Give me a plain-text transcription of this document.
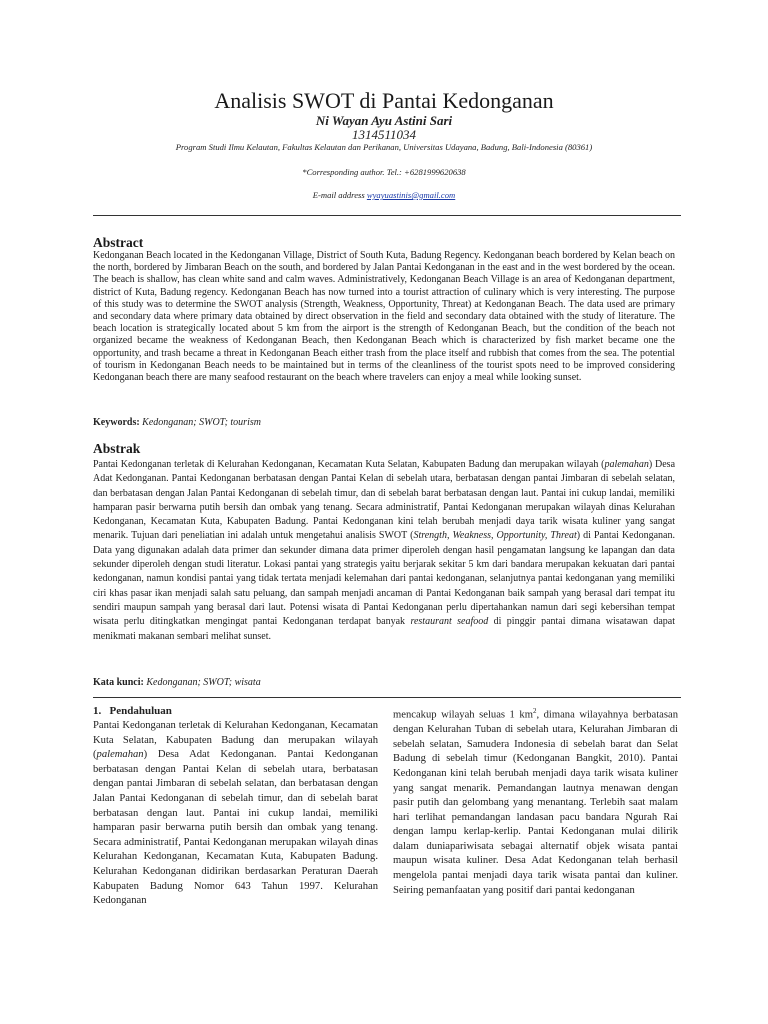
Analisis SWOT di Pantai Kedonganan
Ni Wayan Ayu Astini Sari
1314511034
Program Studi Ilmu Kelautan, Fakultas Kelautan dan Perikanan, Universitas Udayana, Badung, Bali-Indonesia (80361)
*Corresponding author. Tel.: +6281999620638
E-mail address wyayuastinis@gmail.com
Abstract

Kedonganan Beach located in the Kedonganan Village, District of South Kuta, Badung Regency. Kedonganan beach bordered by Kelan beach on the north, bordered by Jimbaran Beach on the south, and bordered by Jalan Pantai Kedonganan in the east and in the west bordered by the ocean. The beach is shallow, has clean white sand and calm waves. Administratively, Kedonganan Beach Village is an area of Kedonganan department, district of Kuta, Badung regency. Kedonganan Beach has now turned into a tourist attraction of culinary which is very interesting. The purpose of this study was to determine the SWOT analysis (Strength, Weakness, Opportunity, Threat) at Kedonganan Beach. The data used are primary and secondary data where primary data obtained by direct observation in the field and secondary data obtained with the study of literature. The beach location is strategically located about 5 km from the airport is the strength of Kedonganan Beach, but the condition of the beach not organized became the weakness of Kedonganan Beach, then Kedonganan Beach which is characterized by fish market became one the opportunity, and trash became a threat in Kedonganan Beach either trash from the place itself and rubbish that comes from the sea. The potential of tourism in Kedonganan Beach needs to be maintained but in terms of the cleanliness of the tourist spots need to be improved considering Kedonganan beach there are many seafood restaurant on the beach where travelers can enjoy a meal while looking sunset.

Keywords: Kedonganan; SWOT; tourism
Abstrak

Pantai Kedonganan terletak di Kelurahan Kedonganan, Kecamatan Kuta Selatan, Kabupaten Badung dan merupakan wilayah (palemahan) Desa Adat Kedonganan. Pantai Kedonganan berbatasan dengan Pantai Kelan di sebelah utara, berbatasan dengan pantai Jimbaran di sebelah selatan, dan berbatasan dengan Jalan Pantai Kedonganan di sebelah timur, dan di sebelah barat berbatasan dengan laut. Pantai ini cukup landai, memiliki hamparan pasir berwarna putih bersih dan ombak yang tenang. Secara administratif, Pantai Kedonganan merupakan wilayah dinas Kelurahan Kedonganan, Kecamatan Kuta, Kabupaten Badung. Pantai Kedonganan kini telah berubah menjadi daya tarik wisata kuliner yang sangat menarik. Tujuan dari peneliatian ini adalah untuk mengetahui analisis SWOT (Strength, Weakness, Opportunity, Threat) di Pantai Kedonganan. Data yang digunakan adalah data primer dan sekunder dimana data primer diperoleh dengan hasil pengamatan langsung ke lapangan dan data sekunder diperoleh dengan studi literatur. Lokasi pantai yang strategis yaitu berjarak sekitar 5 km dari bandara merupakan kekuatan dari pantai kedonganan, namun kondisi pantai yang tidak tertata menjadi kelemahan dari pantai kedonganan, selanjutnya pantai kedonganan yang memiliki ciri khas pasar ikan menjadi salah satu peluang, dan sampah menjadi ancaman di Pantai Kedonganan baik sampah yang berasal dari tempat itu sendiri maupun sampah yang berasal dari laut. Potensi wisata di Pantai Kedonganan perlu dipertahankan namun dari segi kebersihan tempat wisata perlu ditingkatkan mengingat pantai Kedonganan terdapat banyak restaurant seafood di pinggir pantai dimana wisatawan dapat menikmati makanan sembari melihat sunset.

Kata kunci: Kedonganan; SWOT; wisata
1. Pendahuluan

Pantai Kedonganan terletak di Kelurahan Kedonganan, Kecamatan Kuta Selatan, Kabupaten Badung dan merupakan wilayah (palemahan) Desa Adat Kedonganan. Pantai Kedonganan berbatasan dengan Pantai Kelan di sebelah utara, berbatasan dengan pantai Jimbaran di sebelah selatan, dan berbatasan dengan Jalan Pantai Kedonganan di sebelah timur, dan di sebelah barat berbatasan dengan laut. Pantai ini cukup landai, memiliki hamparan pasir berwarna putih bersih dan ombak yang tenang. Secara administratif, Pantai Kedonganan merupakan wilayah dinas Kelurahan Kedonganan, Kecamatan Kuta, Kabupaten Badung. Kelurahan Kedonganan didirikan berdasarkan Peraturan Daerah Kabupaten Badung Nomor 643 Tahun 1997. Kelurahan Kedonganan

mencakup wilayah seluas 1 $km^2$, dimana wilayahnya berbatasan dengan Kelurahan Tuban di sebelah utara, Kelurahan Jimbaran di sebelah selatan, Samudera Indonesia di sebelah barat dan Selat Badung di sebelah timur (Kedonganan Bangkit, 2010). Pantai Kedonganan kini telah berubah menjadi daya tarik wisata kuliner yang sangat menarik. Pemandangan lautnya menawan dengan pasir putih dan gelombang yang menantang. Terlebih saat malam hari terlihat pemandangan landasan pacu bandara Ngurah Rai dengan lampu kerlap-kerlip. Pantai Kedonganan mulai dilirik dalam duniapariwisata sebagai alternatif objek wisata pantai maupun wisata kuliner. Desa Adat Kedonganan telah berhasil mengelola pantai menjadi daya tarik wisata pantai dan kuliner. Seiring pemanfaatan yang positif dari pantai kedonganan
